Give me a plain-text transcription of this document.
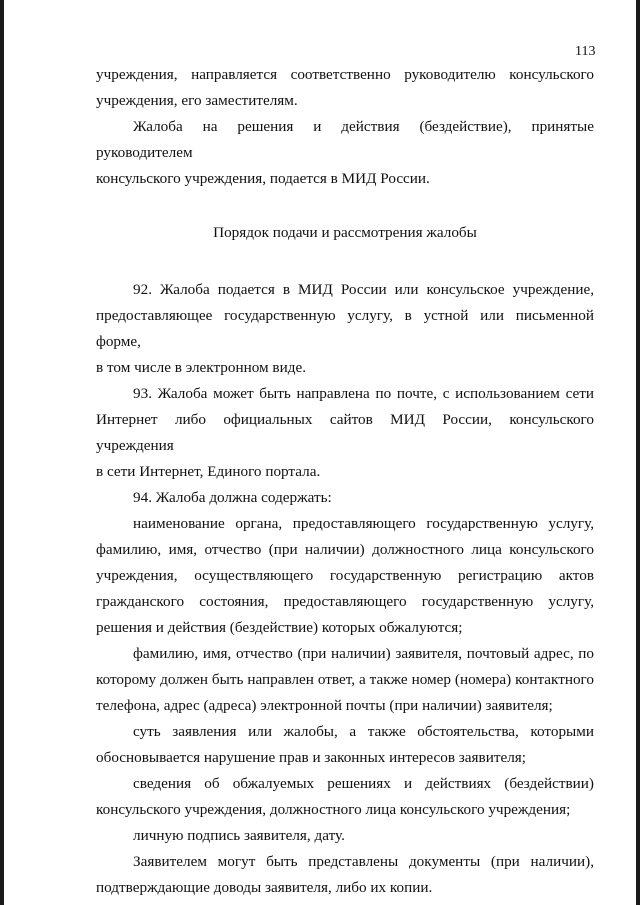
113

учреждения, направляется соответственно руководителю консульского
учреждения, его заместителям.

Жалоба на решения и действия (бездействие), принятые руководителем
консульского учреждения, подается в МИД России.

Порядок подачи и рассмотрения жалобы

92. Жалоба подается в МИД России или консульское учреждение,
предоставляющее государственную услугу, в устной или письменной форме,
в том числе в электронном виде.

93. Жалоба может быть направлена по почте, с использованием сети
Интернет либо официальных сайтов МИД России, консульского учреждения
в сети Интернет, Единого портала.

94. Жалоба должна содержать:

наименование органа, предоставляющего государственную услугу,
фамилию, имя, отчество (при наличии) должностного лица консульского
учреждения, осуществляющего государственную регистрацию актов
гражданского состояния, предоставляющего государственную услугу,
решения и действия (бездействие) которых обжалуются;

фамилию, имя, отчество (при наличии) заявителя, почтовый адрес, по
которому должен быть направлен ответ, а также номер (номера) контактного
телефона, адрес (адреса) электронной почты (при наличии) заявителя;

суть заявления или жалобы, а также обстоятельства, которыми
обосновывается нарушение прав и законных интересов заявителя;

сведения об обжалуемых решениях и действиях (бездействии)
консульского учреждения, должностного лица консульского учреждения;

личную подпись заявителя, дату.

Заявителем могут быть представлены документы (при наличии),
подтверждающие доводы заявителя, либо их копии.
